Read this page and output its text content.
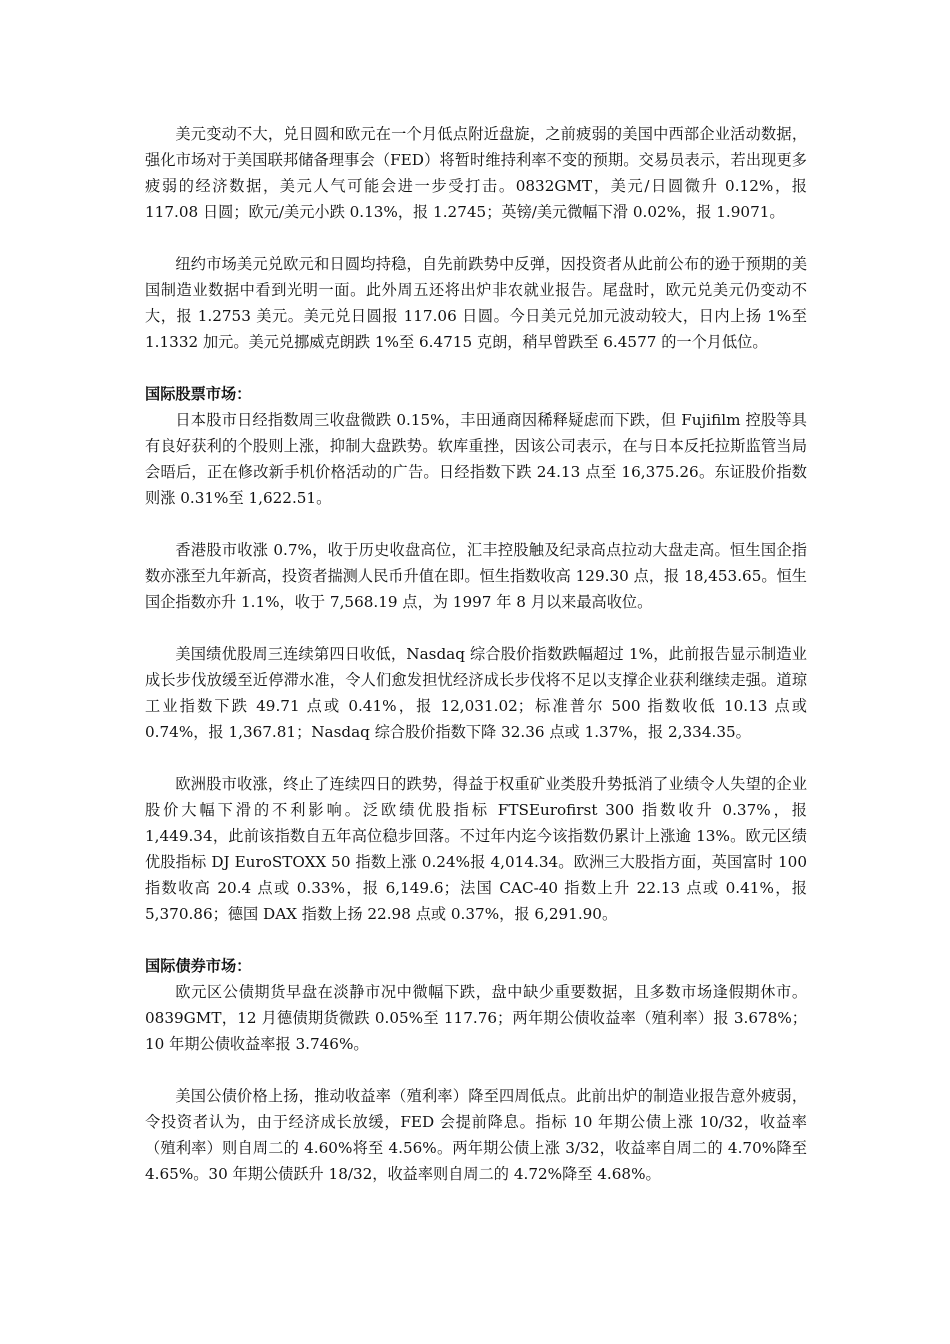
美元变动不大，兑日圆和欧元在一个月低点附近盘旋，之前疲弱的美国中西部企业活动数据，强化市场对于美国联邦储备理事会（FED）将暂时维持利率不变的预期。交易员表示，若出现更多疲弱的经济数据，美元人气可能会进一步受打击。0832GMT，美元/日圆微升 0.12%，报 117.08 日圆；欧元/美元小跌 0.13%，报 1.2745；英镑/美元微幅下滑 0.02%，报 1.9071。

纽约市场美元兑欧元和日圆均持稳，自先前跌势中反弹，因投资者从此前公布的逊于预期的美国制造业数据中看到光明一面。此外周五还将出炉非农就业报告。尾盘时，欧元兑美元仍变动不大，报 1.2753 美元。美元兑日圆报 117.06 日圆。今日美元兑加元波动较大，日内上扬 1%至 1.1332 加元。美元兑挪威克朗跌 1%至 6.4715 克朗，稍早曾跌至 6.4577 的一个月低位。

国际股票市场：

日本股市日经指数周三收盘微跌 0.15%，丰田通商因稀释疑虑而下跌，但 Fujifilm 控股等具有良好获利的个股则上涨，抑制大盘跌势。软库重挫，因该公司表示，在与日本反托拉斯监管当局会晤后，正在修改新手机价格活动的广告。日经指数下跌 24.13 点至 16,375.26。东证股价指数则涨 0.31%至 1,622.51。

香港股市收涨 0.7%，收于历史收盘高位，汇丰控股触及纪录高点拉动大盘走高。恒生国企指数亦涨至九年新高，投资者揣测人民币升值在即。恒生指数收高 129.30 点，报 18,453.65。恒生国企指数亦升 1.1%，收于 7,568.19 点，为 1997 年 8 月以来最高收位。

美国绩优股周三连续第四日收低，Nasdaq 综合股价指数跌幅超过 1%，此前报告显示制造业成长步伐放缓至近停滞水准，令人们愈发担忧经济成长步伐将不足以支撑企业获利继续走强。道琼工业指数下跌 49.71 点或 0.41%，报 12,031.02；标准普尔 500 指数收低 10.13 点或 0.74%，报 1,367.81；Nasdaq 综合股价指数下降 32.36 点或 1.37%，报 2,334.35。

欧洲股市收涨，终止了连续四日的跌势，得益于权重矿业类股升势抵消了业绩令人失望的企业股价大幅下滑的不利影响。泛欧绩优股指标 FTSEurofirst 300 指数收升 0.37%，报 1,449.34，此前该指数自五年高位稳步回落。不过年内迄今该指数仍累计上涨逾 13%。欧元区绩优股指标 DJ EuroSTOXX 50 指数上涨 0.24%报 4,014.34。欧洲三大股指方面，英国富时 100 指数收高 20.4 点或 0.33%，报 6,149.6；法国 CAC-40 指数上升 22.13 点或 0.41%，报 5,370.86；德国 DAX 指数上扬 22.98 点或 0.37%，报 6,291.90。

国际债券市场：

欧元区公债期货早盘在淡静市况中微幅下跌，盘中缺少重要数据，且多数市场逢假期休市。0839GMT，12 月德债期货微跌 0.05%至 117.76；两年期公债收益率（殖利率）报 3.678%；10 年期公债收益率报 3.746%。

美国公债价格上扬，推动收益率（殖利率）降至四周低点。此前出炉的制造业报告意外疲弱，令投资者认为，由于经济成长放缓，FED 会提前降息。指标 10 年期公债上涨 10/32，收益率（殖利率）则自周二的 4.60%将至 4.56%。两年期公债上涨 3/32，收益率自周二的 4.70%降至 4.65%。30 年期公债跃升 18/32，收益率则自周二的 4.72%降至 4.68%。
